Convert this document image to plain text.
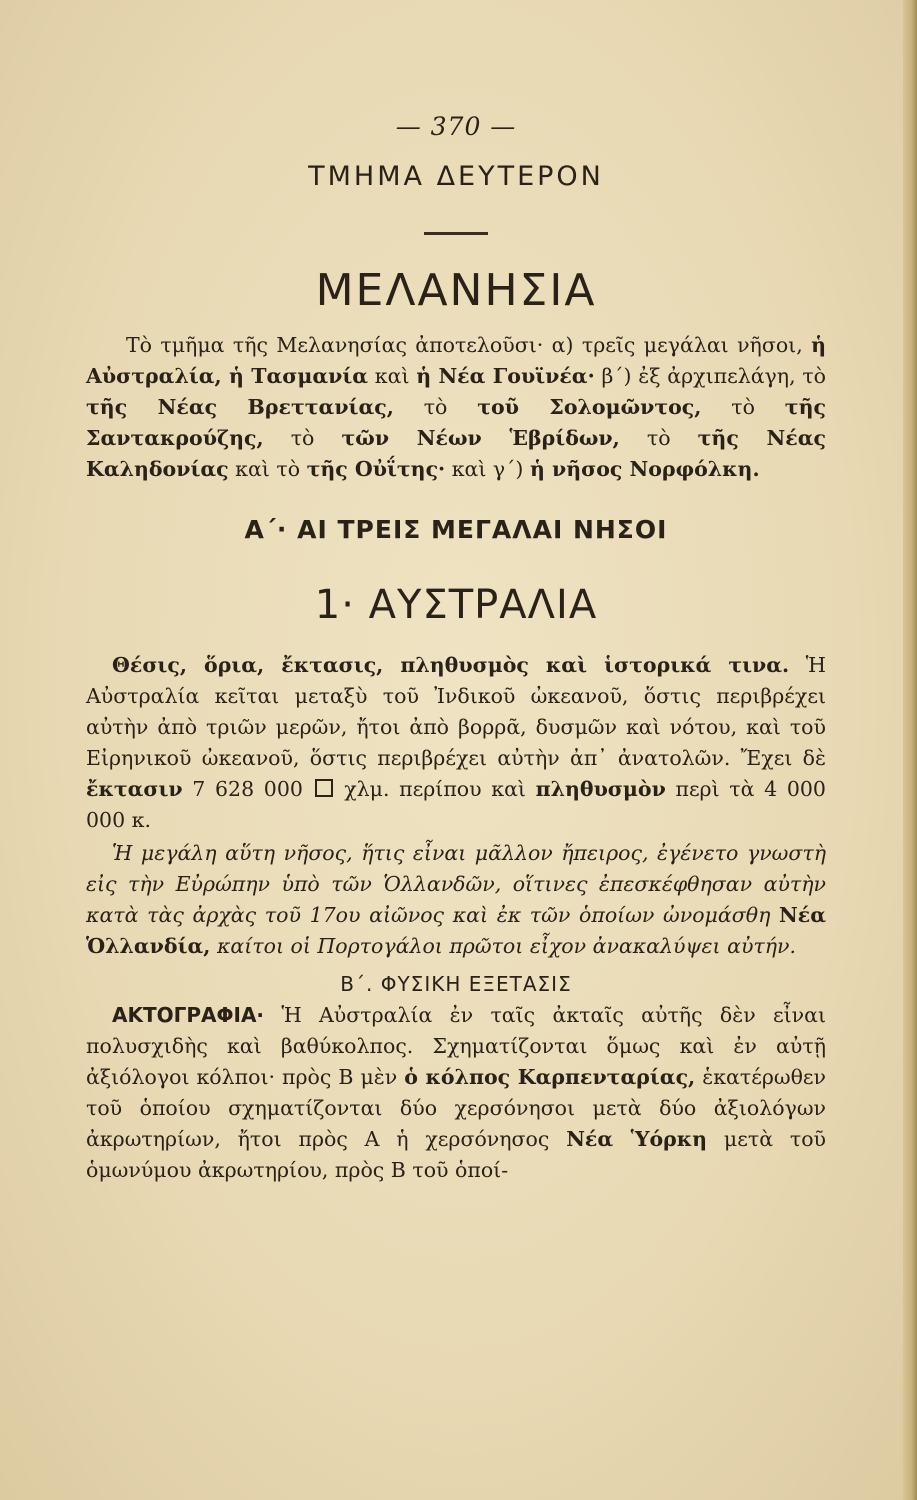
— 370 —
ΤΜΗΜΑ ΔΕΥΤΕΡΟΝ
ΜΕΛΑΝΗΣΙΑ

Τὸ τμῆμα τῆς Μελανησίας ἀποτελοῦσι· α) τρεῖς μεγάλαι νῆσοι, ἡ Αὐστραλία, ἡ Τασμανία καὶ ἡ Νέα Γουϊνέα· β΄) ἐξ ἀρχιπελάγη, τὸ τῆς Νέας Βρεττανίας, τὸ τοῦ Σολομῶντος, τὸ τῆς Σαντακρούζης, τὸ τῶν Νέων Ἑβρίδων, τὸ τῆς Νέας Καληδονίας καὶ τὸ τῆς Οὐΐτης· καὶ γ΄) ἡ νῆσος Νορφόλκη.

Α΄· ΑΙ ΤΡΕΙΣ ΜΕΓΑΛΑΙ ΝΗΣΟΙ
1· ΑΥΣΤΡΑΛΙΑ

Θέσις, ὅρια, ἔκτασις, πληθυσμὸς καὶ ἱστορικά τινα. Ἡ Αὐστραλία κεῖται μεταξὺ τοῦ Ἰνδικοῦ ὠκεανοῦ, ὅστις περιβρέχει αὐτὴν ἀπὸ τριῶν μερῶν, ἤτοι ἀπὸ βορρᾶ, δυσμῶν καὶ νότου, καὶ τοῦ Εἰρηνικοῦ ὠκεανοῦ, ὅστις περιβρέχει αὐτὴν ἀπ᾽ ἀνατολῶν. Ἔχει δὲ ἔκτασιν 7 628 000  χλμ. περίπου καὶ πληθυσμὸν περὶ τὰ 4 000 000 κ.

Ἡ μεγάλη αὕτη νῆσος, ἥτις εἶναι μᾶλλον ἤπειρος, ἐγένετο γνωστὴ εἰς τὴν Εὐρώπην ὑπὸ τῶν Ὁλλανδῶν, οἵτινες ἐπεσκέφθησαν αὐτὴν κατὰ τὰς ἀρχὰς τοῦ 17ου αἰῶνος καὶ ἐκ τῶν ὁποίων ὠνομάσθη Νέα Ὁλλανδία, καίτοι οἱ Πορτογάλοι πρῶτοι εἶχον ἀνακαλύψει αὐτήν.

Β΄. ΦΥΣΙΚΗ ΕΞΕΤΑΣΙΣ

ΑΚΤΟΓΡΑΦΙΑ· Ἡ Αὐστραλία ἐν ταῖς ἀκταῖς αὐτῆς δὲν εἶναι πολυσχιδὴς καὶ βαθύκολπος. Σχηματίζονται ὅμως καὶ ἐν αὐτῇ ἀξιόλογοι κόλποι· πρὸς Β μὲν ὁ κόλπος Καρπενταρίας, ἑκατέρωθεν τοῦ ὁποίου σχηματίζονται δύο χερσόνησοι μετὰ δύο ἀξιολόγων ἀκρωτηρίων, ἤτοι πρὸς Α ἡ χερσόνησος Νέα Ὑόρκη μετὰ τοῦ ὁμωνύμου ἀκρωτηρίου, πρὸς Β τοῦ ὁποί-
